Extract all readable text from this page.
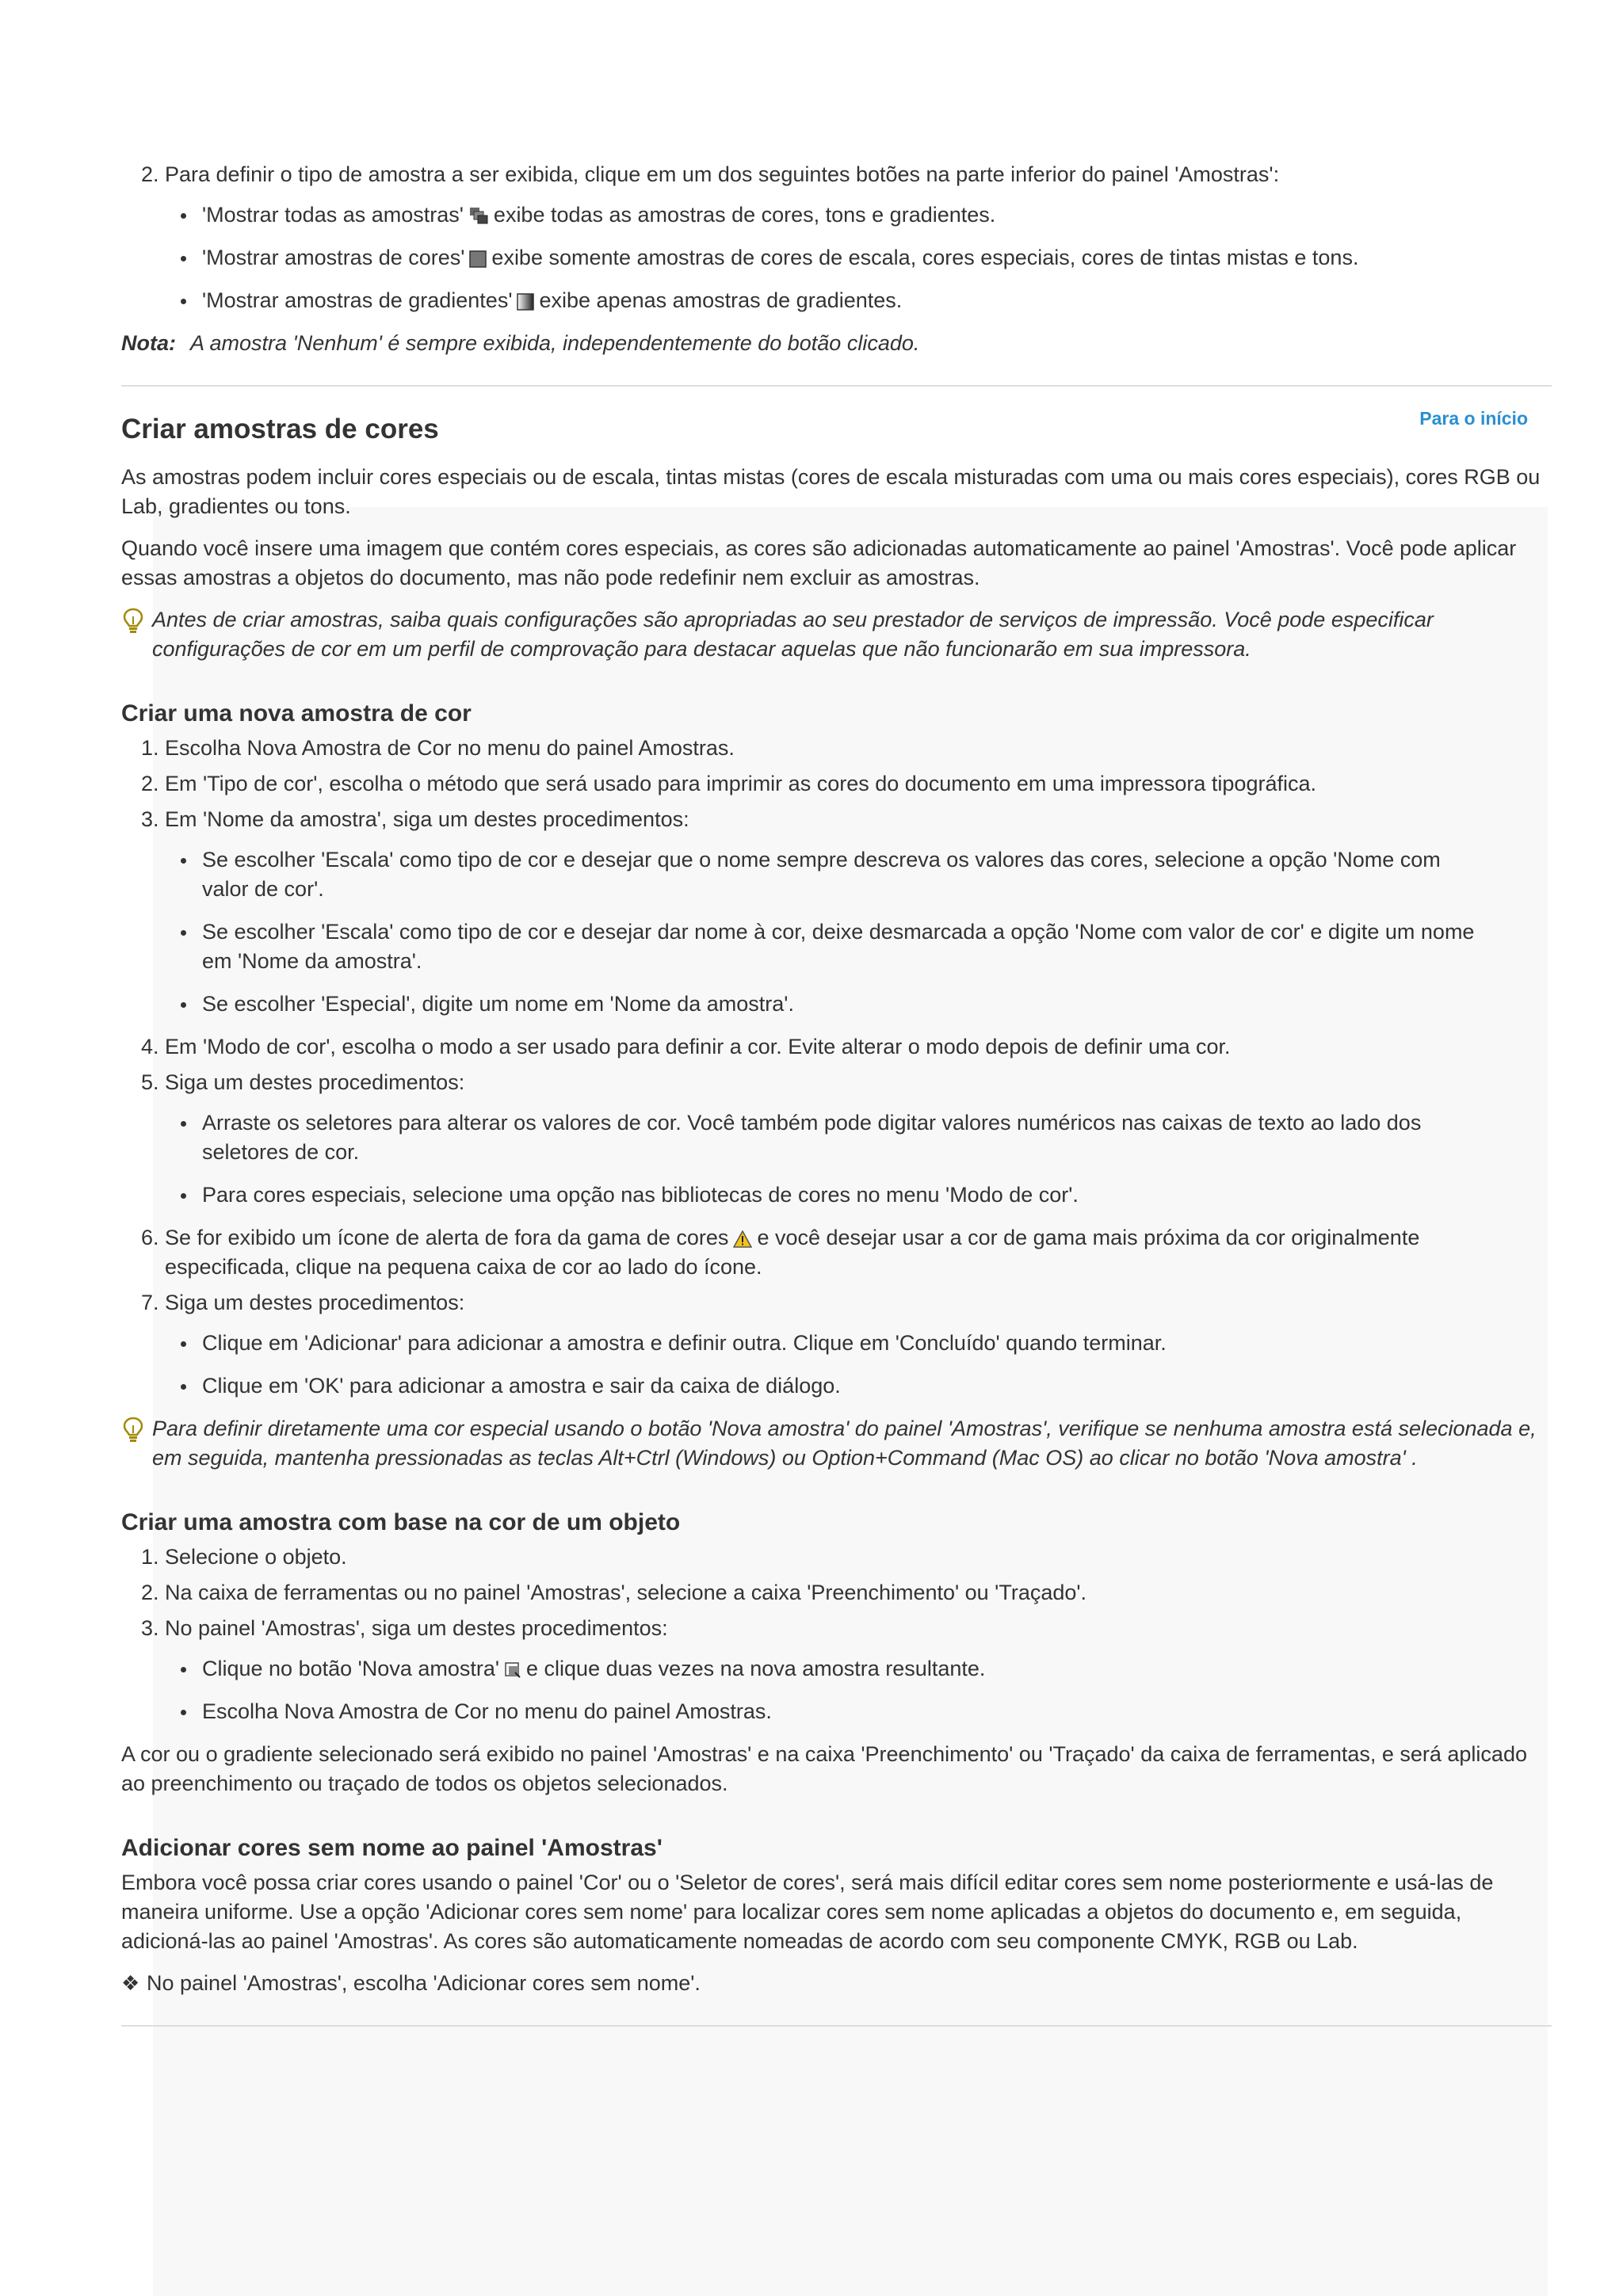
2. Para definir o tipo de amostra a ser exibida, clique em um dos seguintes botões na parte inferior do painel 'Amostras':
'Mostrar todas as amostras' exibe todas as amostras de cores, tons e gradientes.
'Mostrar amostras de cores' exibe somente amostras de cores de escala, cores especiais, cores de tintas mistas e tons.
'Mostrar amostras de gradientes' exibe apenas amostras de gradientes.

Nota: A amostra 'Nenhum' é sempre exibida, independentemente do botão clicado.

Criar amostras de cores	Para o início

As amostras podem incluir cores especiais ou de escala, tintas mistas (cores de escala misturadas com uma ou mais cores especiais), cores RGB ou Lab, gradientes ou tons.

Quando você insere uma imagem que contém cores especiais, as cores são adicionadas automaticamente ao painel 'Amostras'. Você pode aplicar essas amostras a objetos do documento, mas não pode redefinir nem excluir as amostras.

Antes de criar amostras, saiba quais configurações são apropriadas ao seu prestador de serviços de impressão. Você pode especificar configurações de cor em um perfil de comprovação para destacar aquelas que não funcionarão em sua impressora.
Criar uma nova amostra de cor
1. Escolha Nova Amostra de Cor no menu do painel Amostras.
2. Em 'Tipo de cor', escolha o método que será usado para imprimir as cores do documento em uma impressora tipográfica.
3. Em 'Nome da amostra', siga um destes procedimentos:
Se escolher 'Escala' como tipo de cor e desejar que o nome sempre descreva os valores das cores, selecione a opção 'Nome com valor de cor'.
Se escolher 'Escala' como tipo de cor e desejar dar nome à cor, deixe desmarcada a opção 'Nome com valor de cor' e digite um nome em 'Nome da amostra'.
Se escolher 'Especial', digite um nome em 'Nome da amostra'.
4. Em 'Modo de cor', escolha o modo a ser usado para definir a cor. Evite alterar o modo depois de definir uma cor.
5. Siga um destes procedimentos:
Arraste os seletores para alterar os valores de cor. Você também pode digitar valores numéricos nas caixas de texto ao lado dos seletores de cor.
Para cores especiais, selecione uma opção nas bibliotecas de cores no menu 'Modo de cor'.
6. Se for exibido um ícone de alerta de fora da gama de cores e você desejar usar a cor de gama mais próxima da cor originalmente especificada, clique na pequena caixa de cor ao lado do ícone.
7. Siga um destes procedimentos:
Clique em 'Adicionar' para adicionar a amostra e definir outra. Clique em 'Concluído' quando terminar.
Clique em 'OK' para adicionar a amostra e sair da caixa de diálogo.
Para definir diretamente uma cor especial usando o botão 'Nova amostra' do painel 'Amostras', verifique se nenhuma amostra está selecionada e, em seguida, mantenha pressionadas as teclas Alt+Ctrl (Windows) ou Option+Command (Mac OS) ao clicar no botão 'Nova amostra' .
Criar uma amostra com base na cor de um objeto
1. Selecione o objeto.
2. Na caixa de ferramentas ou no painel 'Amostras', selecione a caixa 'Preenchimento' ou 'Traçado'.
3. No painel 'Amostras', siga um destes procedimentos:
Clique no botão 'Nova amostra' e clique duas vezes na nova amostra resultante.
Escolha Nova Amostra de Cor no menu do painel Amostras.

A cor ou o gradiente selecionado será exibido no painel 'Amostras' e na caixa 'Preenchimento' ou 'Traçado' da caixa de ferramentas, e será aplicado ao preenchimento ou traçado de todos os objetos selecionados.

Adicionar cores sem nome ao painel 'Amostras'

Embora você possa criar cores usando o painel 'Cor' ou o 'Seletor de cores', será mais difícil editar cores sem nome posteriormente e usá-las de maneira uniforme. Use a opção 'Adicionar cores sem nome' para localizar cores sem nome aplicadas a objetos do documento e, em seguida, adicioná-las ao painel 'Amostras'. As cores são automaticamente nomeadas de acordo com seu componente CMYK, RGB ou Lab.

❖ No painel 'Amostras', escolha 'Adicionar cores sem nome'.
